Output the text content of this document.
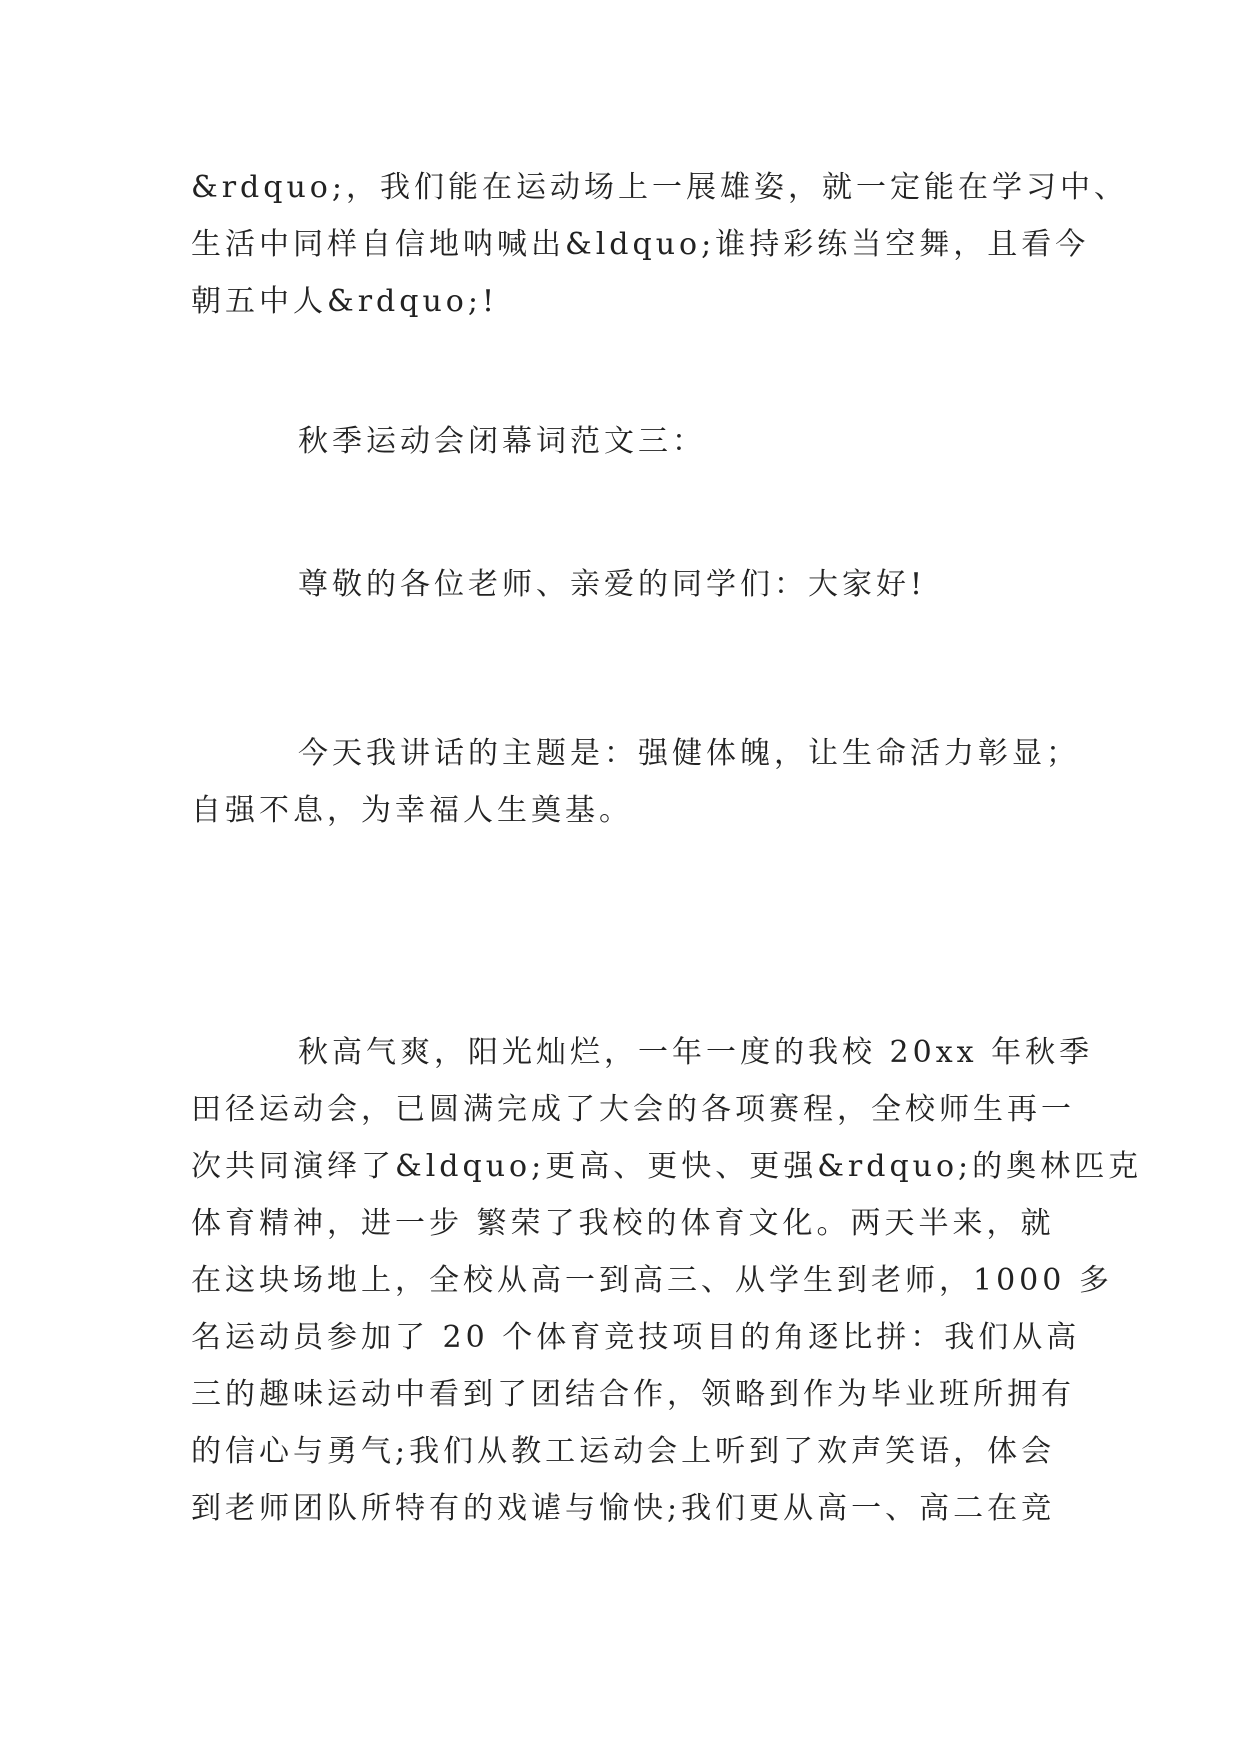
&rdquo;，我们能在运动场上一展雄姿，就一定能在学习中、
生活中同样自信地呐喊出&ldquo;谁持彩练当空舞，且看今
朝五中人&rdquo;!
秋季运动会闭幕词范文三：
尊敬的各位老师、亲爱的同学们：大家好!
今天我讲话的主题是：强健体魄，让生命活力彰显；
自强不息，为幸福人生奠基。
秋高气爽，阳光灿烂，一年一度的我校 20xx 年秋季
田径运动会，已圆满完成了大会的各项赛程，全校师生再一
次共同演绎了&ldquo;更高、更快、更强&rdquo;的奥林匹克
体育精神，进一步 繁荣了我校的体育文化。两天半来，就
在这块场地上，全校从高一到高三、从学生到老师，1000 多
名运动员参加了 20 个体育竞技项目的角逐比拼：我们从高
三的趣味运动中看到了团结合作，领略到作为毕业班所拥有
的信心与勇气;我们从教工运动会上听到了欢声笑语，体会
到老师团队所特有的戏谑与愉快;我们更从高一、高二在竞
